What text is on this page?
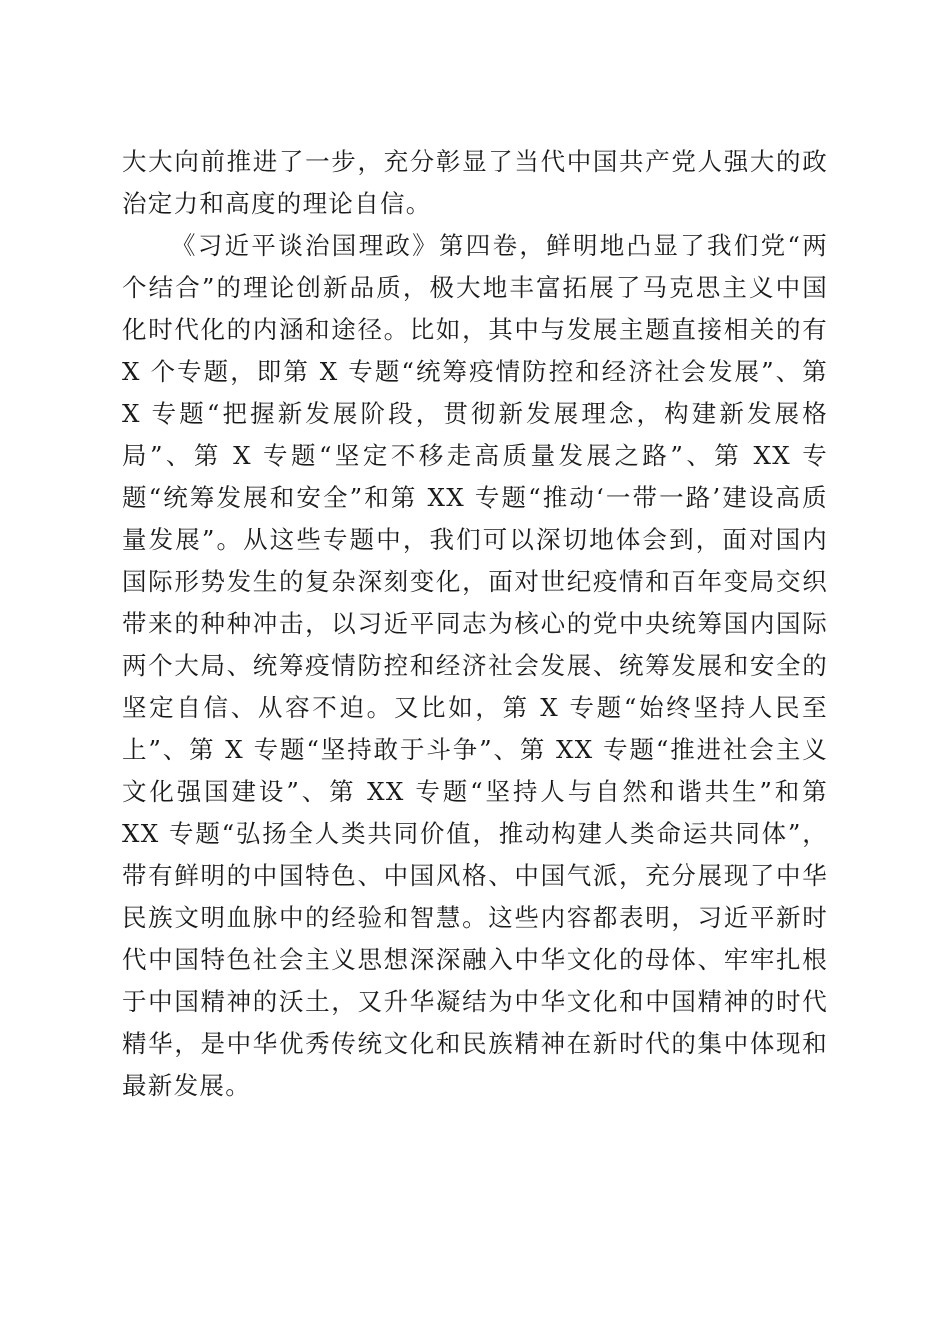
大大向前推进了一步，充分彰显了当代中国共产党人强大的政治定力和高度的理论自信。

《习近平谈治国理政》第四卷，鲜明地凸显了我们党“两个结合”的理论创新品质，极大地丰富拓展了马克思主义中国化时代化的内涵和途径。比如，其中与发展主题直接相关的有 X 个专题，即第 X 专题“统筹疫情防控和经济社会发展”、第 X 专题“把握新发展阶段，贯彻新发展理念，构建新发展格局”、第 X 专题“坚定不移走高质量发展之路”、第 XX 专题“统筹发展和安全”和第 XX 专题“推动‘一带一路’建设高质量发展”。从这些专题中，我们可以深切地体会到，面对国内国际形势发生的复杂深刻变化，面对世纪疫情和百年变局交织带来的种种冲击，以习近平同志为核心的党中央统筹国内国际两个大局、统筹疫情防控和经济社会发展、统筹发展和安全的坚定自信、从容不迫。又比如，第 X 专题“始终坚持人民至上”、第 X 专题“坚持敢于斗争”、第 XX 专题“推进社会主义文化强国建设”、第 XX 专题“坚持人与自然和谐共生”和第 XX 专题“弘扬全人类共同价值，推动构建人类命运共同体”，带有鲜明的中国特色、中国风格、中国气派，充分展现了中华民族文明血脉中的经验和智慧。这些内容都表明，习近平新时代中国特色社会主义思想深深融入中华文化的母体、牢牢扎根于中国精神的沃土，又升华凝结为中华文化和中国精神的时代精华，是中华优秀传统文化和民族精神在新时代的集中体现和最新发展。
